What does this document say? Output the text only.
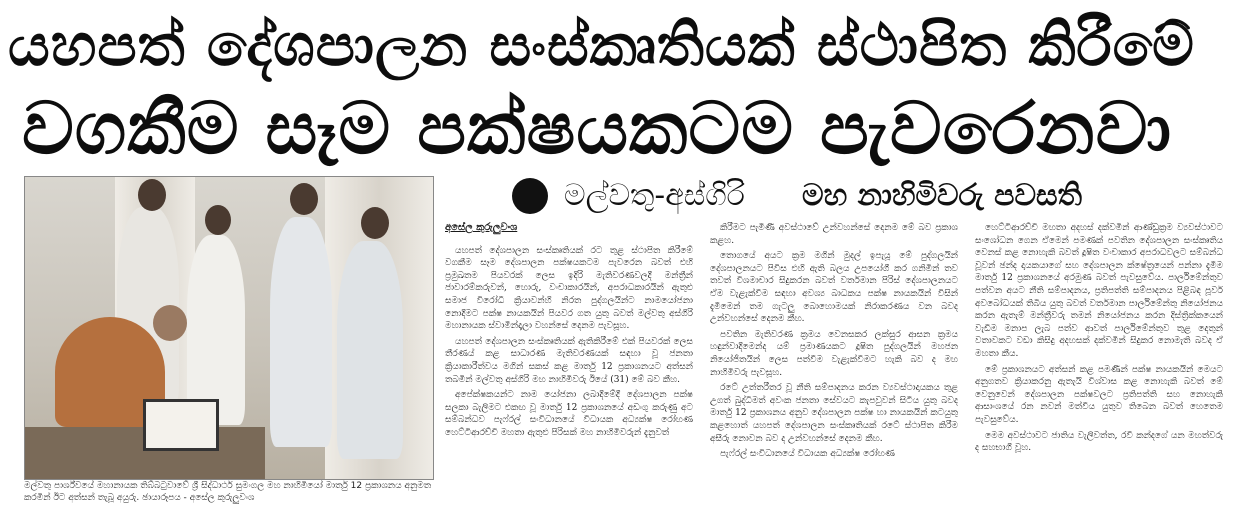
යහපත් දේශපාලන සංස්කෘතියක් ස්ථාපිත කිරීමේ
වගකීම සෑම පක්ෂයකටම පැවරෙනවා
මල්වතු පාර්ශ්වයේ මහානායක තිබ්බටුවාවේ ශ්‍රී සිද්ධාර්ථ සුමංගල මහ නාහිමියෝ මාර්තු 12 ප්‍රකාශනය අනුමත කරමින් ඊට අත්සන් තැබූ අයුරු. ඡායාරූපය - අසේල කුරුලුවංශ
මල්වතු-අස්ගිරි මහ නාහිමිවරු පවසති

අසේල කුරුලුවංශ

යහපත් දේශපාලන සංස්කෘතියක් රට තුළ ස්ථාපිත කිරීමේ වගකීම සෑම දේශපාලන පක්ෂයකටම පැවරෙන බවත් එහි ප්‍රමුඛතම පියවරක් ලෙස ඉදිරි මැතිවරණවලදී මන්ත්‍රීන් ජාවාරම්කරුවන්, හොරු, වංචාකාරයින්, අපරාධකාරයින් ඇතුළු සමාජ විරෝධී ක්‍රියාවන්හි නිරත පුද්ගලයින්ට නාමයෝජනා නොදීමට පක්ෂ නායකයින් පියවර ගත යුතු බවත් මල්වතු අස්ගිරි මහානායක ස්වාමීන්දෑලා වහන්සේ දෙනම පැවසූහ.

යහපත් දේශපාලන සංස්කෘතියක් ඇතිකිරීමේ එක් පියවරක් ලෙස තීරණය් කළ සාධාරණ මැතිවරණයක් සඳහා වූ ජනතා ක්‍රියාකාරීත්වය මගින් සකස් කළ මාර්තු 12 ප්‍රකාශනයට අත්සන් තබමින් මල්වතු අස්ගිරි මහ නාහිමිවරු ඊයේ (31) මේ බව කීහ.

අපේක්ෂකයන්ට නාම යෝජනා ලබාදීමේදී දේශපාලන පක්ෂ සලකා බැලිමට එකඟ වූ මාර්තු 12 ප්‍රකාශනයේ අඩංගු කරුණු අට සම්බන්ධව පැෆ්රල් සංවිධානයේ විධායක අධ්‍යක්ෂ රෝහණ හෙට්ටිආරච්චි මහතා ඇතුළු පිරිසක් මහ නාහිමිවරුන් දැනුවත්

කිරීමට පැමිණි අවස්ථාවේ උන්වහන්සේ දෙනම මේ බව ප්‍රකාශ කළහ.

තොගයේ අයට ක්‍රම මගින් මුදල් ඉපැයූ මේ පුද්ගලයින් දේශපාලනයට පිවිස එහි ඇති බලය උපයෝගී කර ගනිමින් තව තවත් විශමාචාර සිදුකරන බවත් වර්තමාන පිරිස් දේශපාලනයට ඒම වැළැක්වීම සඳහා අවශ්‍ය බාධකය පක්ෂ නායකයින් විසින් දැමීමෙන් තම ගැටලු බොහොමයක් නිරාකරණය වන බවද උන්වහන්සේ දෙනම කීහ.

පවතින මැතිවරණ ක්‍රමය වෙනසකර ලක්සුර ආසන ක්‍රමය හඳුන්වාදීමෙන්ද යම් ප්‍රමාණයකට දූෂිත පුද්ගලයින් මහජන නියෝජිතයින් ලෙස පත්වීම වැළැක්වීමට හැකි බව ද මහ නාහිමිවරු පැවසූහ.

රටේ උත්තරීතර වූ නීති සම්පාදනය කරන ව්‍යවස්ථාදායකය තුළ උගත් බුද්ධිමත් අවංක ජනතා සේවයට කැපවුවන් සිටිය යුතු බවද මාර්තු 12 ප්‍රකාශනය අනුව දේශපාලන පක්ෂ හා නායකයින් කටයුතු කළහොත් යහපත් දේශපාලන සංස්කෘතියක් රටේ ස්ථාපිත කිරීම අසීරු නොවන බව ද උන්වහන්සේ දෙනම කීහ.

පැෆ්රල් සංවිධානයේ විධායක අධ්‍යක්ෂ රෝහණ

හෙට්ටිආරච්චි මහතා අදහස් දක්වමින් ආණ්ඩුක්‍රම ව්‍යවස්ථාවට සංශෝධන ගෙන ඒමෙන් පමණක් පවතින දේශපාලන සංස්කෘතිය වෙනස් කළ නොහැකි බවත් දූෂිත වංචාකාර අපරාධවලට සම්බන්ධ වූවන් ඡන්ද දායකයාගේ සහ දේශපාලන ක්ෂේත්‍රයෙන් පන්නා දැමීම මාර්තු 12 ප්‍රකාශනයේ අරමුණ බවත් පැවසුවේය. පාර්ලිමේන්තුව පත්වන අයට නීති සම්පාදනය, ප්‍රතිපත්ති සම්පාදනය පිළිබඳ පූර්ව අවබෝධයක් තිබිය යුතු බවත් වර්තමාන පාර්ලිමේන්තු නියෝජනය කරන ඇතැම් මන්ත්‍රීවරු තමන් නියෝජනය කරන දිස්ත්‍රික්කයෙන් වැඩිම මනාප ලැබ පත්ව ආවත් පාර්ලිමේන්තුව තුළ දෙතුන් වතාවකට වඩා කිසිදු අදහසක් දක්වමින් සිදුකර නොමැති බවද ඒ මහතා කීය.

මේ ප්‍රකාශනයට අත්සන් කළ පමණින් පක්ෂ නායකයින් මෙයට අනුගතව ක්‍රියාකරනු ඇතැයි විශ්වාස කළ නොහැකි බවත් මේ වෙනුවෙන් දේශපාලන පක්ෂවලට ප්‍රතිපත්ති සහ නොහැකි ආසාංශයේ රන නවන් මත්වීය යුතුව තිබෙන බවත් හෙතෙම පැවසුවේය.

මෙම අවස්ථාවට ජාතිය වැලිවත්ත, රවී කන්දගේ යන මහත්වරු ද සහභාගී වූහ.
